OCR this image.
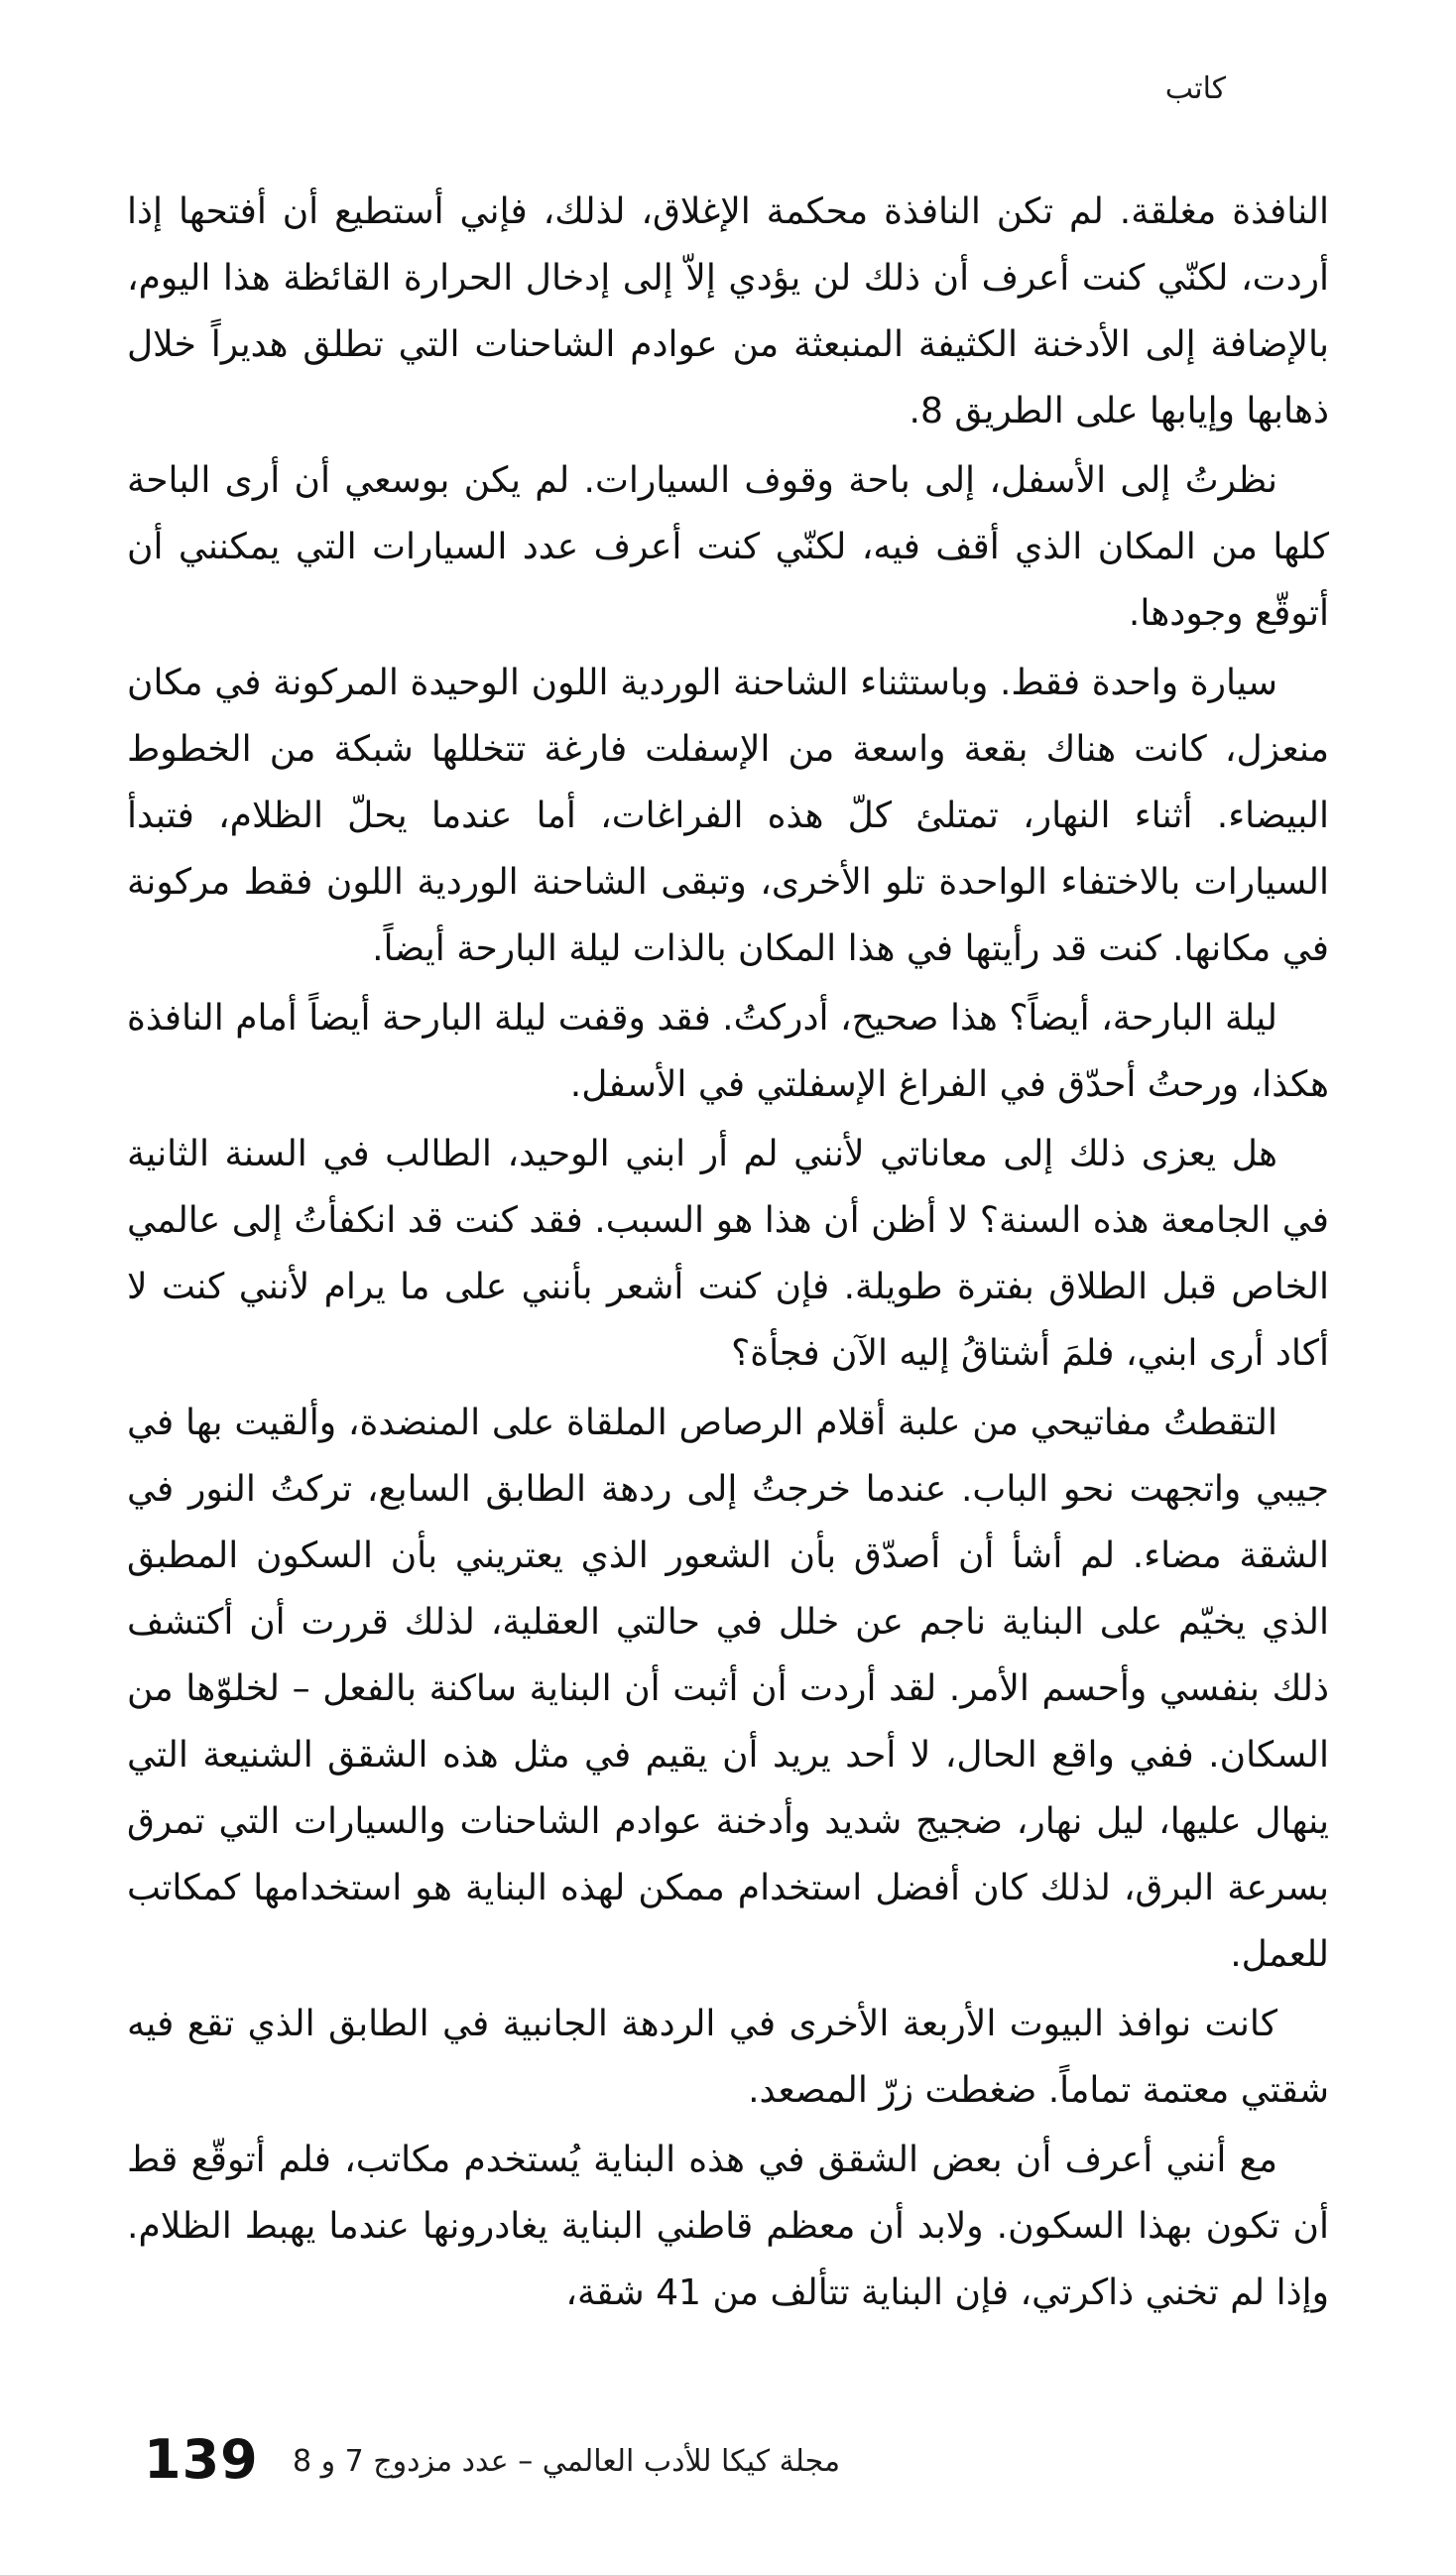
كاتب

النافذة مغلقة. لم تكن النافذة محكمة الإغلاق، لذلك، فإني أستطيع أن أفتحها إذا أردت، لكنّي كنت أعرف أن ذلك لن يؤدي إلاّ إلى إدخال الحرارة القائظة هذا اليوم، بالإضافة إلى الأدخنة الكثيفة المنبعثة من عوادم الشاحنات التي تطلق هديراً خلال ذهابها وإيابها على الطريق 8.

نظرتُ إلى الأسفل، إلى باحة وقوف السيارات. لم يكن بوسعي أن أرى الباحة كلها من المكان الذي أقف فيه، لكنّي كنت أعرف عدد السيارات التي يمكنني أن أتوقّع وجودها.

سيارة واحدة فقط. وباستثناء الشاحنة الوردية اللون الوحيدة المركونة في مكان منعزل، كانت هناك بقعة واسعة من الإسفلت فارغة تتخللها شبكة من الخطوط البيضاء. أثناء النهار، تمتلئ كلّ هذه الفراغات، أما عندما يحلّ الظلام، فتبدأ السيارات بالاختفاء الواحدة تلو الأخرى، وتبقى الشاحنة الوردية اللون فقط مركونة في مكانها. كنت قد رأيتها في هذا المكان بالذات ليلة البارحة أيضاً.

ليلة البارحة، أيضاً؟ هذا صحيح، أدركتُ. فقد وقفت ليلة البارحة أيضاً أمام النافذة هكذا، ورحتُ أحدّق في الفراغ الإسفلتي في الأسفل.

هل يعزى ذلك إلى معاناتي لأنني لم أر ابني الوحيد، الطالب في السنة الثانية في الجامعة هذه السنة؟ لا أظن أن هذا هو السبب. فقد كنت قد انكفأتُ إلى عالمي الخاص قبل الطلاق بفترة طويلة. فإن كنت أشعر بأنني على ما يرام لأنني كنت لا أكاد أرى ابني، فلمَ أشتاقُ إليه الآن فجأة؟

التقطتُ مفاتيحي من علبة أقلام الرصاص الملقاة على المنضدة، وألقيت بها في جيبي واتجهت نحو الباب. عندما خرجتُ إلى ردهة الطابق السابع، تركتُ النور في الشقة مضاء. لم أشأ أن أصدّق بأن الشعور الذي يعتريني بأن السكون المطبق الذي يخيّم على البناية ناجم عن خلل في حالتي العقلية، لذلك قررت أن أكتشف ذلك بنفسي وأحسم الأمر. لقد أردت أن أثبت أن البناية ساكنة بالفعل – لخلوّها من السكان. ففي واقع الحال، لا أحد يريد أن يقيم في مثل هذه الشقق الشنيعة التي ينهال عليها، ليل نهار، ضجيج شديد وأدخنة عوادم الشاحنات والسيارات التي تمرق بسرعة البرق، لذلك كان أفضل استخدام ممكن لهذه البناية هو استخدامها كمكاتب للعمل.

كانت نوافذ البيوت الأربعة الأخرى في الردهة الجانبية في الطابق الذي تقع فيه شقتي معتمة تماماً. ضغطت زرّ المصعد.

مع أنني أعرف أن بعض الشقق في هذه البناية يُستخدم مكاتب، فلم أتوقّع قط أن تكون بهذا السكون. ولابد أن معظم قاطني البناية يغادرونها عندما يهبط الظلام. وإذا لم تخني ذاكرتي، فإن البناية تتألف من 41 شقة،

139 مجلة كيكا للأدب العالمي – عدد مزدوج 7 و 8
